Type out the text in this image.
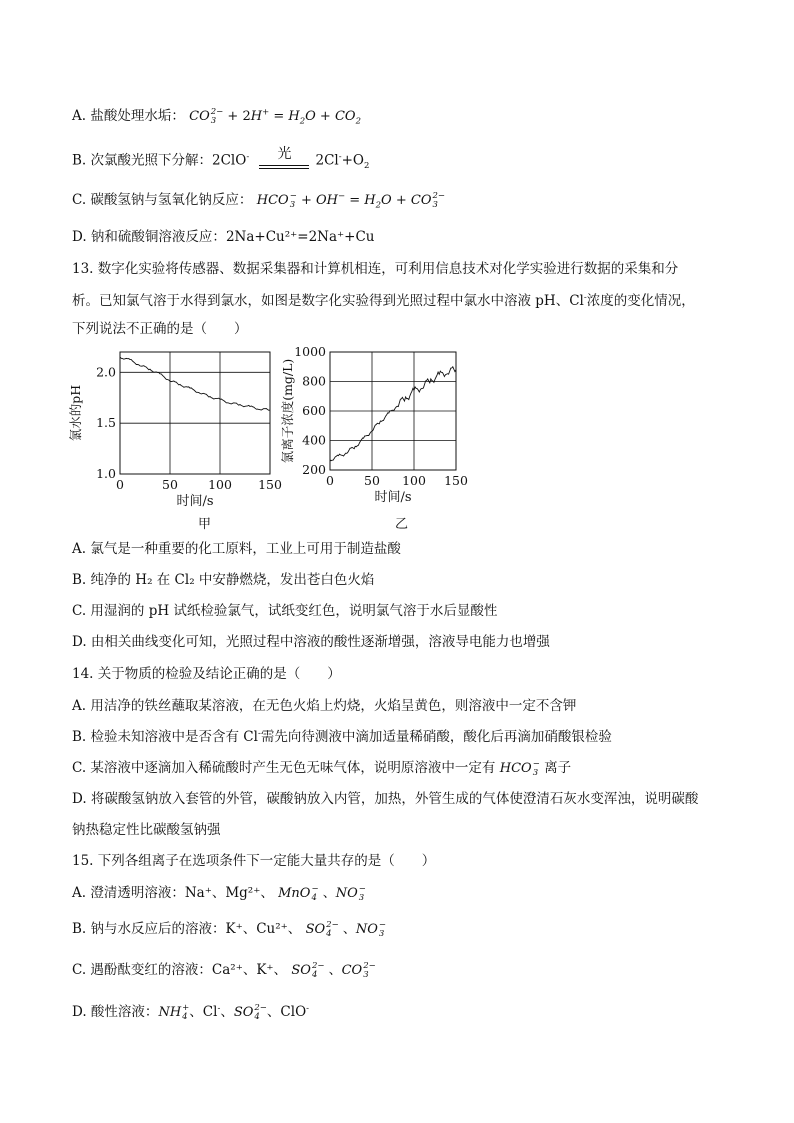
A. 盐酸处理水垢： CO 2−
$3 + 2H^+ = H_2O + CO_2$
B. 次氯酸光照下分解：2ClO-	光	$2Cl^-+O_2$
C. 碳酸氢钠与氢氧化钠反应： HCO −
$3 + OH^- = H_2O$ + CO 2−
3
D. 钠和硫酸铜溶液反应：2Na+Cu²⁺=2Na⁺+Cu
13. 数字化实验将传感器、数据采集器和计算机相连，可利用信息技术对化学实验进行数据的采集和分
析。已知氯气溶于水得到氯水，如图是数字化实验得到光照过程中氯水中溶液 pH、Cl-浓度的变化情况，
下列说法不正确的是（　　）
0	50 100 150
1.0
1.5
2.0
时间/s
氯水的pH
甲
0 50 100 150
200
400
600
800
1000
时间/s
氯离子浓度(mg/L)
乙
A. 氯气是一种重要的化工原料，工业上可用于制造盐酸
B. 纯净的 H₂ 在 Cl₂ 中安静燃烧，发出苍白色火焰
C. 用湿润的 pH 试纸检验氯气，试纸变红色，说明氯气溶于水后显酸性
D. 由相关曲线变化可知，光照过程中溶液的酸性逐渐增强，溶液导电能力也增强
14. 关于物质的检验及结论正确的是（　　）
A. 用洁净的铁丝蘸取某溶液，在无色火焰上灼烧，火焰呈黄色，则溶液中一定不含钾
B. 检验未知溶液中是否含有 Cl-需先向待测液中滴加适量稀硝酸，酸化后再滴加硝酸银检验
C. 某溶液中逐滴加入稀硫酸时产生无色无味气体，说明原溶液中一定有 HCO −
3 离子
D. 将碳酸氢钠放入套管的外管，碳酸钠放入内管，加热，外管生成的气体使澄清石灰水变浑浊，说明碳酸
钠热稳定性比碳酸氢钠强
15. 下列各组离子在选项条件下一定能大量共存的是（　　）
A. 澄清透明溶液：Na⁺、Mg²⁺、 MnO −
4 、NO −
3
B. 钠与水反应后的溶液：K⁺、Cu²⁺、 SO 2−
4 、NO −
3
C. 遇酚酞变红的溶液：Ca²⁺、K⁺、 SO 2−
4 、CO 2−
3
D. 酸性溶液：NH +
4 、Cl-、SO 2−
4 、ClO-
